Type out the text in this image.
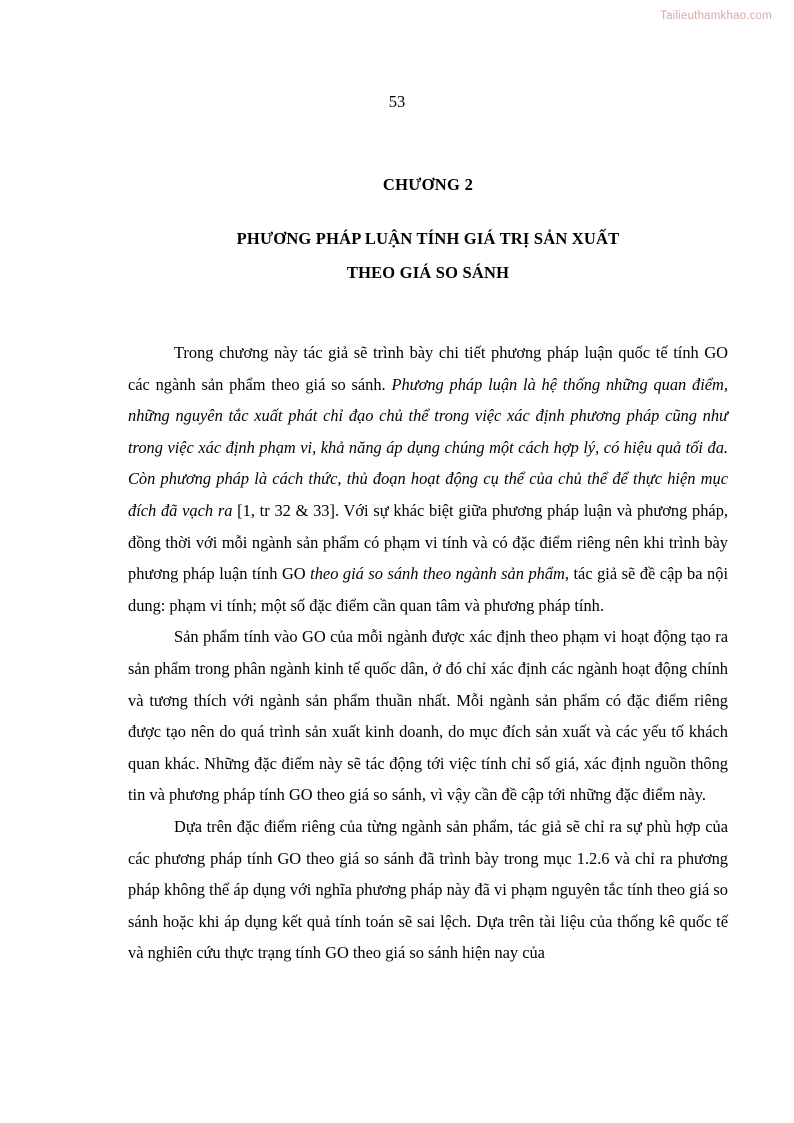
Tailieuthamkhao.com
53

CHƯƠNG 2

PHƯƠNG PHÁP LUẬN TÍNH GIÁ TRỊ SẢN XUẤT

THEO GIÁ SO SÁNH

Trong chương này tác giả sẽ trình bày chi tiết phương pháp luận quốc tế tính GO các ngành sản phẩm theo giá so sánh. Phương pháp luận là hệ thống những quan điểm, những nguyên tắc xuất phát chỉ đạo chủ thể trong việc xác định phương pháp cũng như trong việc xác định phạm vi, khả năng áp dụng chúng một cách hợp lý, có hiệu quả tối đa. Còn phương pháp là cách thức, thủ đoạn hoạt động cụ thể của chủ thể để thực hiện mục đích đã vạch ra [1, tr 32 & 33]. Với sự khác biệt giữa phương pháp luận và phương pháp, đồng thời với mỗi ngành sản phẩm có phạm vi tính và có đặc điểm riêng nên khi trình bày phương pháp luận tính GO theo giá so sánh theo ngành sản phẩm, tác giả sẽ đề cập ba nội dung: phạm vi tính; một số đặc điểm cần quan tâm và phương pháp tính.

Sản phẩm tính vào GO của mỗi ngành được xác định theo phạm vi hoạt động tạo ra sản phẩm trong phân ngành kinh tế quốc dân, ở đó chỉ xác định các ngành hoạt động chính và tương thích với ngành sản phẩm thuần nhất. Mỗi ngành sản phẩm có đặc điểm riêng được tạo nên do quá trình sản xuất kinh doanh, do mục đích sản xuất và các yếu tố khách quan khác. Những đặc điểm này sẽ tác động tới việc tính chỉ số giá, xác định nguồn thông tin và phương pháp tính GO theo giá so sánh, vì vậy cần đề cập tới những đặc điểm này.

Dựa trên đặc điểm riêng của từng ngành sản phẩm, tác giả sẽ chỉ ra sự phù hợp của các phương pháp tính GO theo giá so sánh đã trình bày trong mục 1.2.6 và chỉ ra phương pháp không thể áp dụng với nghĩa phương pháp này đã vi phạm nguyên tắc tính theo giá so sánh hoặc khi áp dụng kết quả tính toán sẽ sai lệch. Dựa trên tài liệu của thống kê quốc tế và nghiên cứu thực trạng tính GO theo giá so sánh hiện nay của
